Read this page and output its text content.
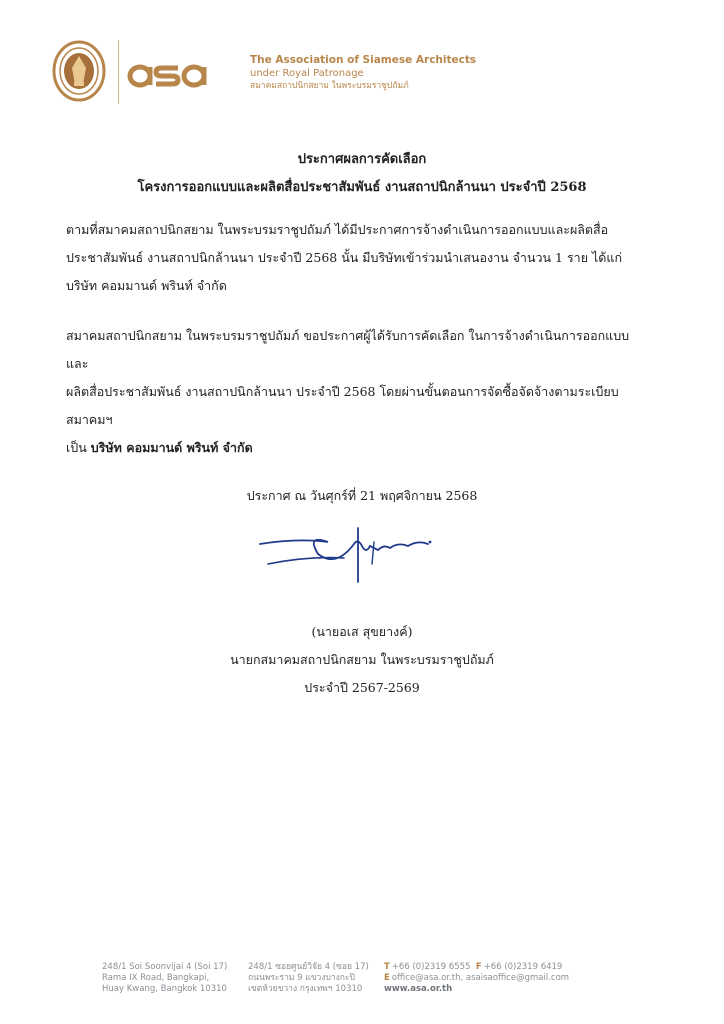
The Association of Siamese Architects
under Royal Patronage
สมาคมสถาปนิกสยาม ในพระบรมราชูปถัมภ์
ประกาศผลการคัดเลือก
โครงการออกแบบและผลิตสื่อประชาสัมพันธ์ งานสถาปนิกล้านนา ประจำปี 2568
ตามที่สมาคมสถาปนิกสยาม ในพระบรมราชูปถัมภ์ ได้มีประกาศการจ้างดำเนินการออกแบบและผลิตสื่อ
ประชาสัมพันธ์ งานสถาปนิกล้านนา ประจำปี 2568 นั้น มีบริษัทเข้าร่วมนำเสนองาน จำนวน 1 ราย ได้แก่
บริษัท คอมมานด์ พรินท์ จำกัด
สมาคมสถาปนิกสยาม ในพระบรมราชูปถัมภ์ ขอประกาศผู้ได้รับการคัดเลือก ในการจ้างดำเนินการออกแบบและ
ผลิตสื่อประชาสัมพันธ์ งานสถาปนิกล้านนา ประจำปี 2568 โดยผ่านขั้นตอนการจัดซื้อจัดจ้างตามระเบียบสมาคมฯ
เป็น บริษัท คอมมานด์ พรินท์ จำกัด
ประกาศ ณ วันศุกร์ที่ 21 พฤศจิกายน 2568
(นายอเส สุขยางค์)
นายกสมาคมสถาปนิกสยาม ในพระบรมราชูปถัมภ์
ประจำปี 2567-2569
248/1 Soi Soonvijai 4 (Soi 17)
Rama IX Road, Bangkapi,
Huay Kwang, Bangkok 10310
248/1 ซอยศูนย์วิจัย 4 (ซอย 17)
ถนนพระราม 9 แขวงบางกะปิ
เขตห้วยขวาง กรุงเทพฯ 10310
T +66 (0)2319 6555 F +66 (0)2319 6419
E office@asa.or.th, asaisaoffice@gmail.com
www.asa.or.th
